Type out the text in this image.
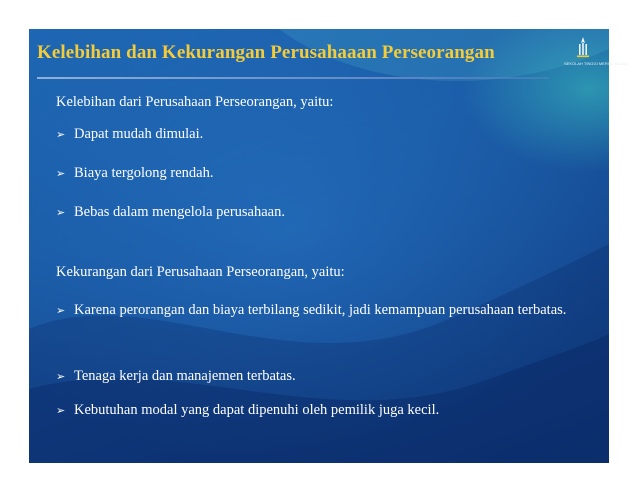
Kelebihan dan Kekurangan Perusahaaan Perseorangan
SEKOLAH TINGGI MERCU BUANA
Kelebihan dari Perusahaan Perseorangan, yaitu:
➢ Dapat mudah dimulai.
➢ Biaya tergolong rendah.
➢ Bebas dalam mengelola perusahaan.
Kekurangan dari Perusahaan Perseorangan, yaitu:
➢ Karena perorangan dan biaya terbilang sedikit, jadi kemampuan perusahaan terbatas.
➢ Tenaga kerja dan manajemen terbatas.
➢ Kebutuhan modal yang dapat dipenuhi oleh pemilik juga kecil.
